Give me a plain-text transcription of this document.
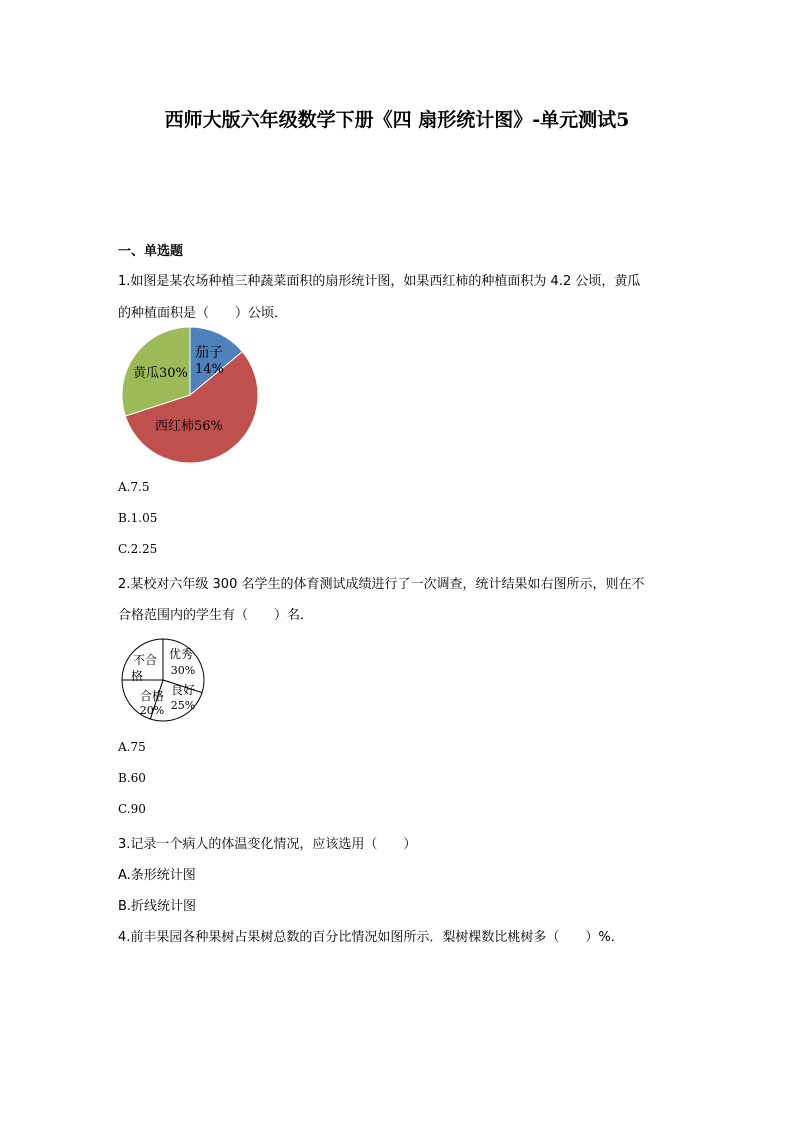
西师大版六年级数学下册《四 扇形统计图》-单元测试5
一、单选题
1.如图是某农场种植三种蔬菜面积的扇形统计图，如果西红柿的种植面积为 4.2 公顷，黄瓜
的种植面积是（　　）公顷．
茄子
14%
西红柿56%
黄瓜30%
A.7.5
B.1.05
C.2.25
2.某校对六年级 300 名学生的体育测试成绩进行了一次调查，统计结果如右图所示，则在不
合格范围内的学生有（　　）名．
优秀
30%
良好
25%
合格
20%
不合
格
A.75
B.60
C.90
3.记录一个病人的体温变化情况，应该选用（　　）
A.条形统计图
B.折线统计图
4.前丰果园各种果树占果树总数的百分比情况如图所示．梨树棵数比桃树多（　　）%．
